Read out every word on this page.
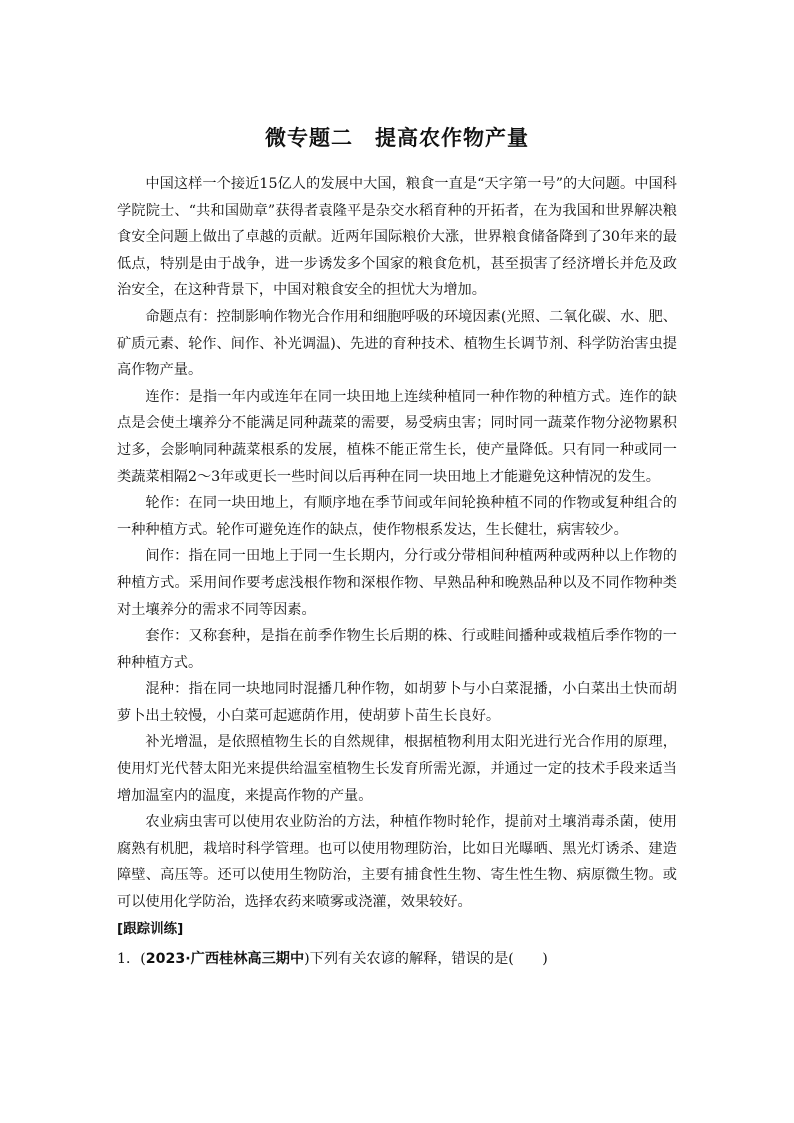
微专题二　提高农作物产量

中国这样一个接近15亿人的发展中大国，粮食一直是“天字第一号”的大问题。中国科学院院士、“共和国勋章”获得者袁隆平是杂交水稻育种的开拓者，在为我国和世界解决粮食安全问题上做出了卓越的贡献。近两年国际粮价大涨，世界粮食储备降到了30年来的最低点，特别是由于战争，进一步诱发多个国家的粮食危机，甚至损害了经济增长并危及政治安全，在这种背景下，中国对粮食安全的担忧大为增加。

命题点有：控制影响作物光合作用和细胞呼吸的环境因素(光照、二氧化碳、水、肥、矿质元素、轮作、间作、补光调温)、先进的育种技术、植物生长调节剂、科学防治害虫提高作物产量。

连作：是指一年内或连年在同一块田地上连续种植同一种作物的种植方式。连作的缺点是会使土壤养分不能满足同种蔬菜的需要，易受病虫害；同时同一蔬菜作物分泌物累积过多，会影响同种蔬菜根系的发展，植株不能正常生长，使产量降低。只有同一种或同一类蔬菜相隔2～3年或更长一些时间以后再种在同一块田地上才能避免这种情况的发生。

轮作：在同一块田地上，有顺序地在季节间或年间轮换种植不同的作物或复种组合的一种种植方式。轮作可避免连作的缺点，使作物根系发达，生长健壮，病害较少。

间作：指在同一田地上于同一生长期内，分行或分带相间种植两种或两种以上作物的种植方式。采用间作要考虑浅根作物和深根作物、早熟品种和晚熟品种以及不同作物种类对土壤养分的需求不同等因素。

套作：又称套种，是指在前季作物生长后期的株、行或畦间播种或栽植后季作物的一种种植方式。

混种：指在同一块地同时混播几种作物，如胡萝卜与小白菜混播，小白菜出土快而胡萝卜出土较慢，小白菜可起遮荫作用，使胡萝卜苗生长良好。

补光增温，是依照植物生长的自然规律，根据植物利用太阳光进行光合作用的原理，使用灯光代替太阳光来提供给温室植物生长发育所需光源，并通过一定的技术手段来适当增加温室内的温度，来提高作物的产量。

农业病虫害可以使用农业防治的方法，种植作物时轮作，提前对土壤消毒杀菌，使用腐熟有机肥，栽培时科学管理。也可以使用物理防治，比如日光曝晒、黑光灯诱杀、建造障壁、高压等。还可以使用生物防治，主要有捕食性生物、寄生性生物、病原微生物。或可以使用化学防治，选择农药来喷雾或浇灌，效果较好。

[跟踪训练]

1．(2023·广西桂林高三期中)下列有关农谚的解释，错误的是(　　)
